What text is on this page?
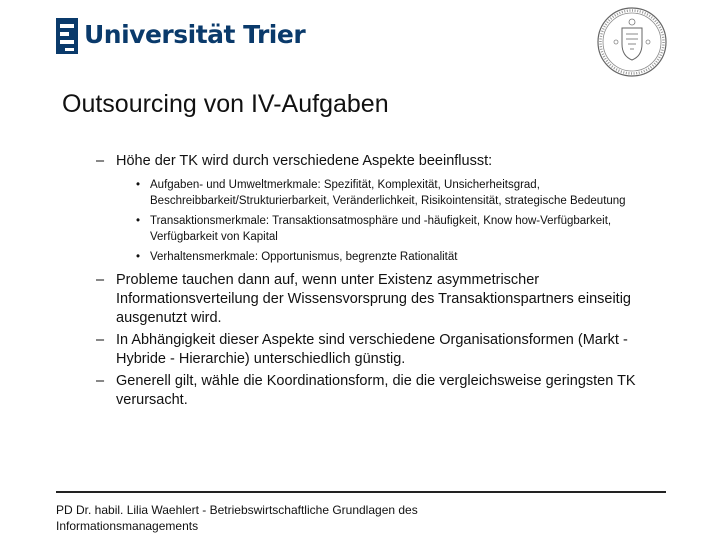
Universität Trier
Outsourcing von IV-Aufgaben
– Höhe der TK wird durch verschiedene Aspekte beeinflusst:
• Aufgaben- und Umweltmerkmale: Spezifität, Komplexität, Unsicherheitsgrad, Beschreibbarkeit/Strukturierbarkeit, Veränderlichkeit, Risikointensität, strategische Bedeutung
• Transaktionsmerkmale: Transaktionsatmosphäre und -häufigkeit, Know how-Verfügbarkeit, Verfügbarkeit von Kapital
• Verhaltensmerkmale: Opportunismus, begrenzte Rationalität
– Probleme tauchen dann auf, wenn unter Existenz asymmetrischer Informationsverteilung der Wissensvorsprung des Transaktionspartners einseitig ausgenutzt wird.
– In Abhängigkeit dieser Aspekte sind verschiedene Organisationsformen (Markt - Hybride - Hierarchie) unterschiedlich günstig.
– Generell gilt, wähle die Koordinationsform, die die vergleichsweise geringsten TK verursacht.
PD Dr. habil. Lilia Waehlert - Betriebswirtschaftliche Grundlagen des Informationsmanagements
